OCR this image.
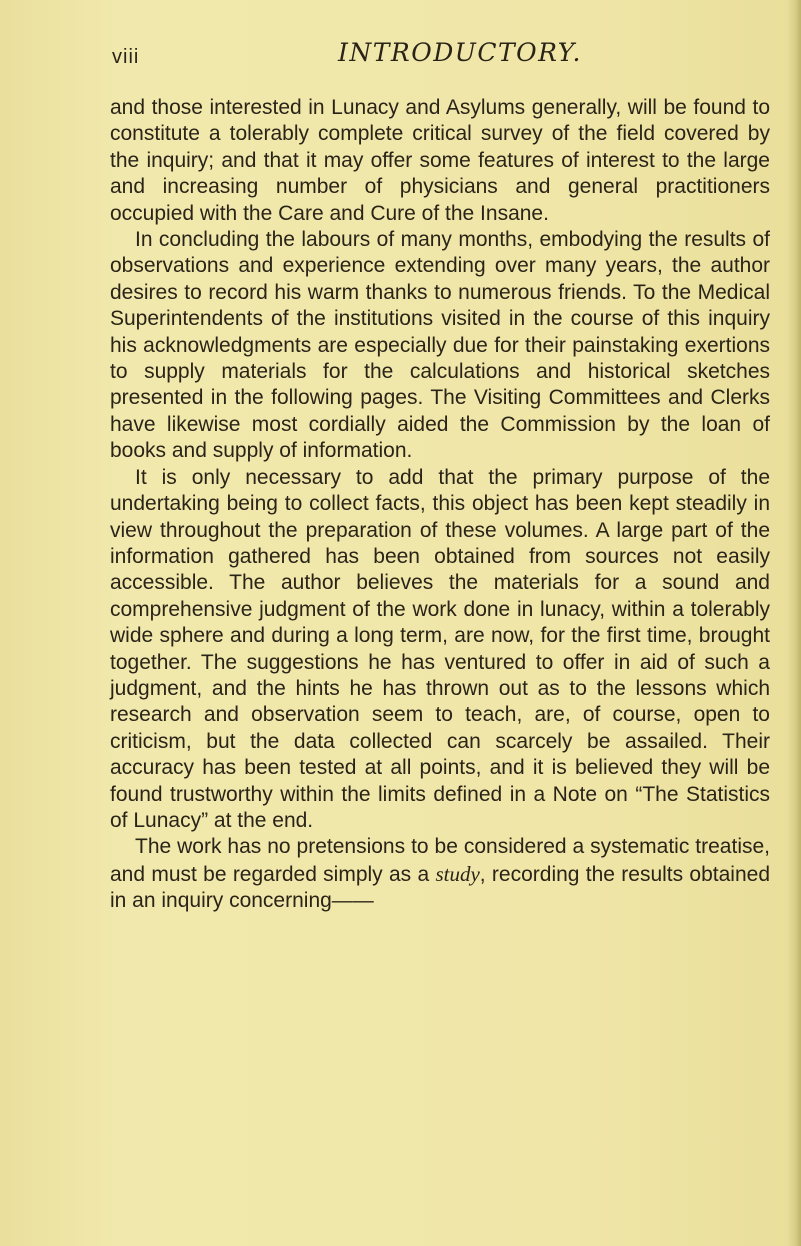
viii	INTRODUCTORY.

and those interested in Lunacy and Asylums generally, will be found to constitute a tolerably complete critical survey of the field covered by the inquiry; and that it may offer some features of interest to the large and increasing number of physicians and general practitioners occupied with the Care and Cure of the Insane.

In concluding the labours of many months, embodying the results of observations and experience extending over many years, the author desires to record his warm thanks to numerous friends. To the Medical Superintendents of the institutions visited in the course of this inquiry his acknowledgments are especially due for their painstaking exertions to supply materials for the calculations and historical sketches presented in the following pages. The Visiting Committees and Clerks have likewise most cordially aided the Commission by the loan of books and supply of information.

It is only necessary to add that the primary purpose of the undertaking being to collect facts, this object has been kept steadily in view throughout the preparation of these volumes. A large part of the information gathered has been obtained from sources not easily accessible. The author believes the materials for a sound and comprehensive judgment of the work done in lunacy, within a tolerably wide sphere and during a long term, are now, for the first time, brought together. The suggestions he has ventured to offer in aid of such a judgment, and the hints he has thrown out as to the lessons which research and observation seem to teach, are, of course, open to criticism, but the data collected can scarcely be assailed. Their accuracy has been tested at all points, and it is believed they will be found trustworthy within the limits defined in a Note on “The Statistics of Lunacy” at the end.

The work has no pretensions to be considered a systematic treatise, and must be regarded simply as a study, recording the results obtained in an inquiry concerning——
